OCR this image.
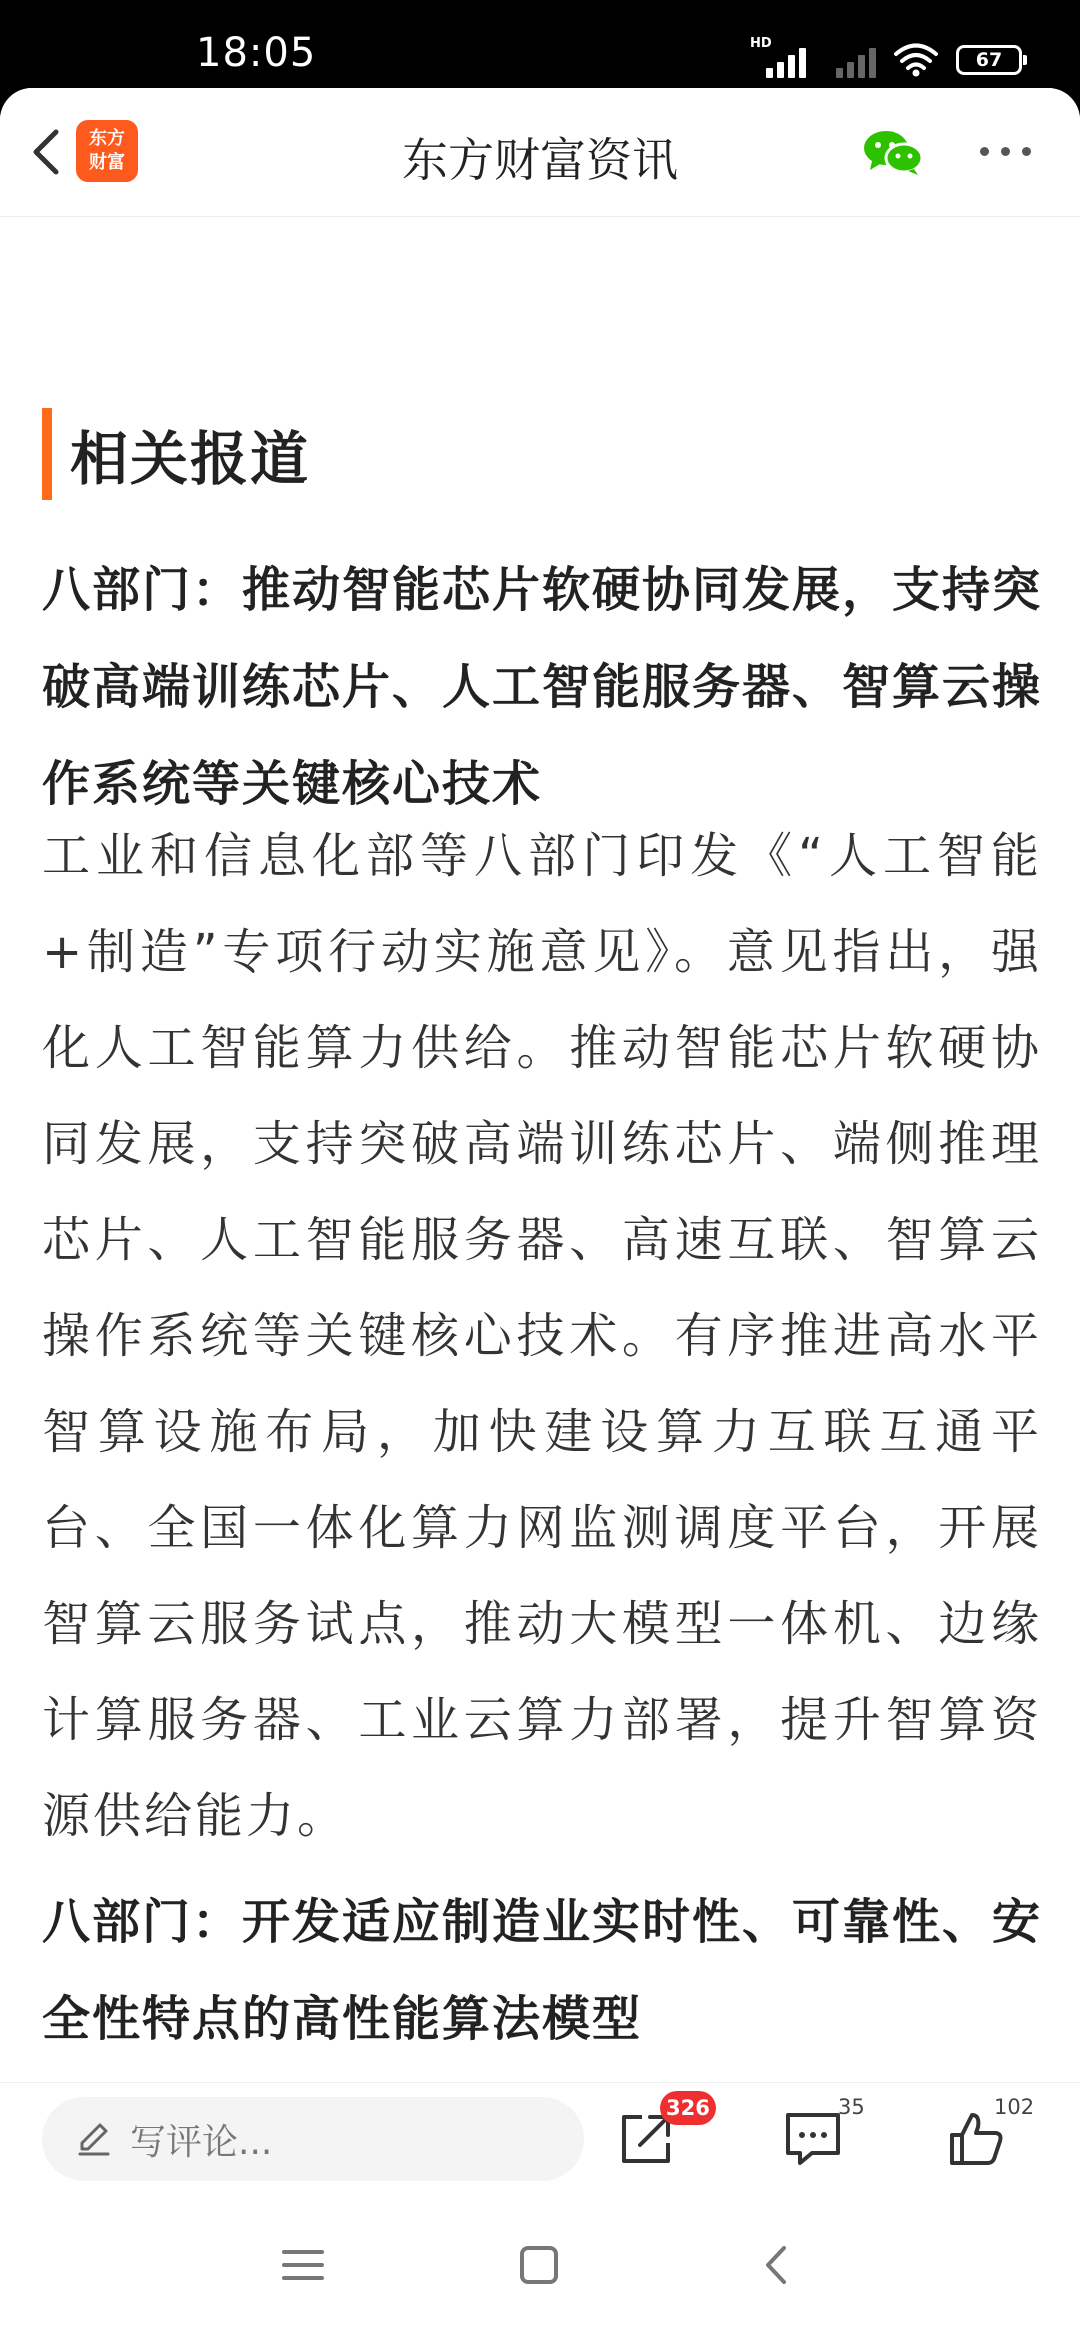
18:05	HD
67
东方
财富	东方财富资讯
相关报道
八部门：推动智能芯片软硬协同发展，支持突破高端训练芯片、人工智能服务器、智算云操作系统等关键核心技术
工业和信息化部等八部门印发《“人工智能+制造”专项行动实施意见》。意见指出，强化人工智能算力供给。推动智能芯片软硬协同发展，支持突破高端训练芯片、端侧推理芯片、人工智能服务器、高速互联、智算云操作系统等关键核心技术。有序推进高水平智算设施布局，加快建设算力互联互通平台、全国一体化算力网监测调度平台，开展智算云服务试点，推动大模型一体机、边缘计算服务器、工业云算力部署，提升智算资源供给能力。
八部门：开发适应制造业实时性、可靠性、安全性特点的高性能算法模型
写评论...
326	35	102
